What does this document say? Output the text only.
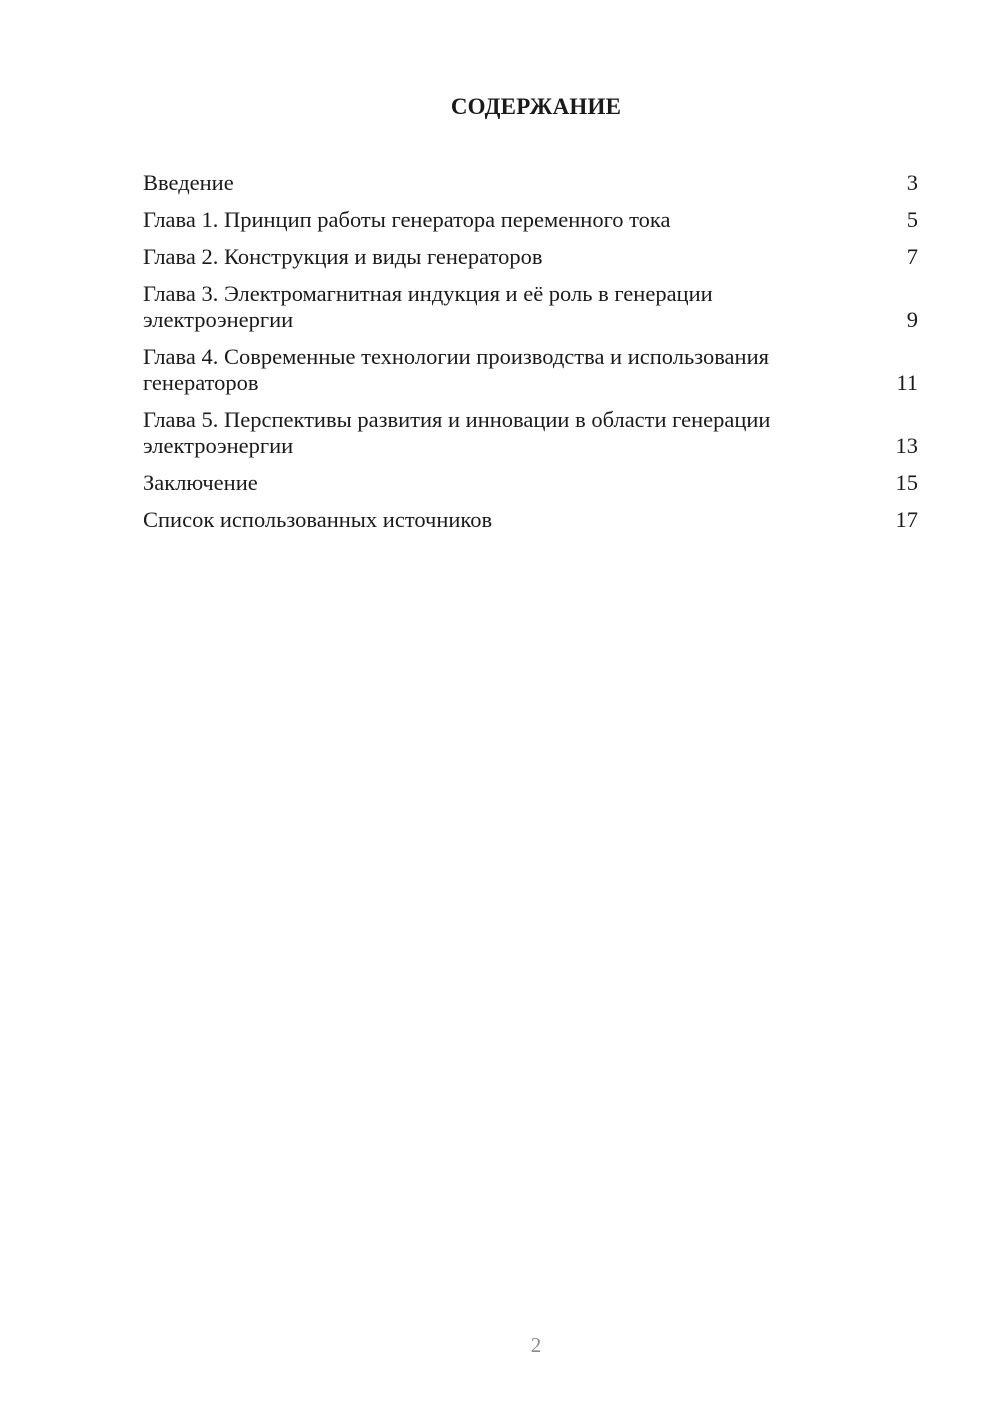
СОДЕРЖАНИЕ
Введение	3
Глава 1. Принцип работы генератора переменного тока	5
Глава 2. Конструкция и виды генераторов	7
Глава 3. Электромагнитная индукция и её роль в генерации электроэнергии	9
Глава 4. Современные технологии производства и использования генераторов	11
Глава 5. Перспективы развития и инновации в области генерации электроэнергии	13
Заключение	15
Список использованных источников	17
2
